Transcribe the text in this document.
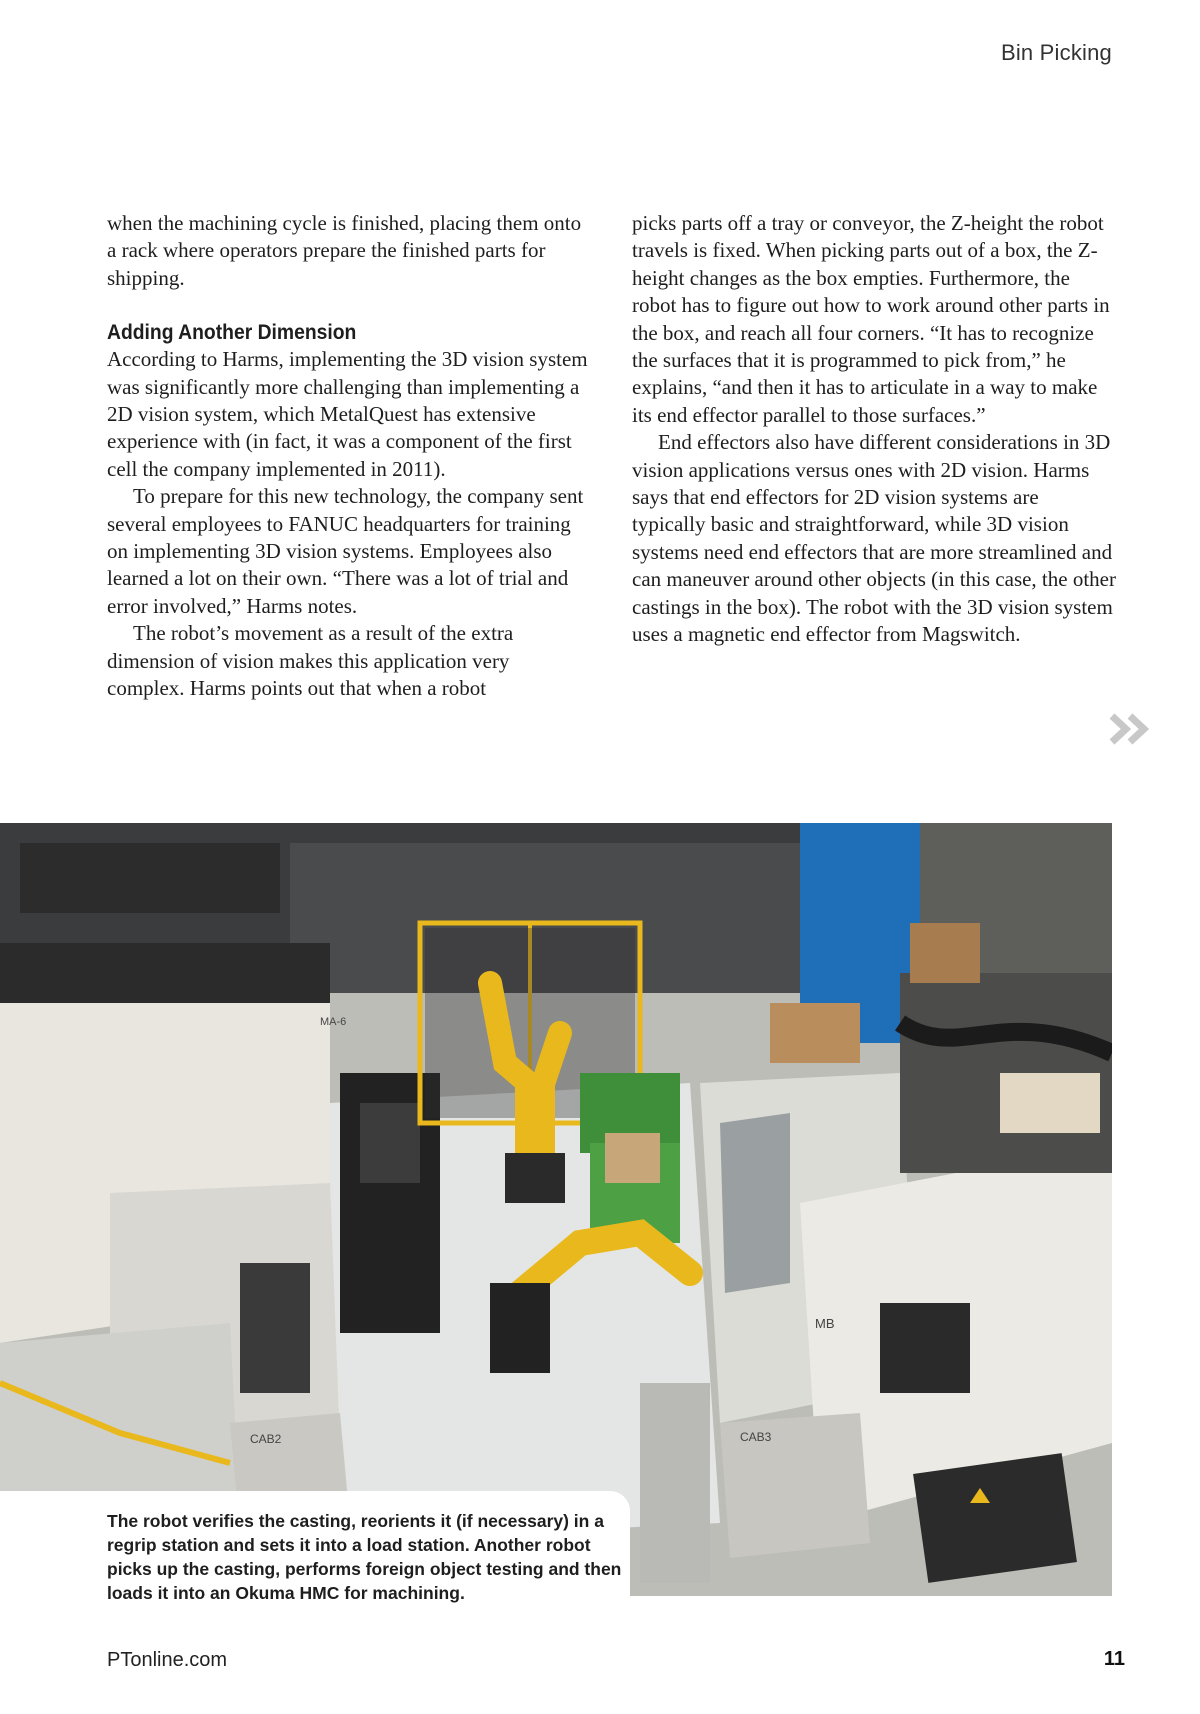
Bin Picking

when the machining cycle is finished, placing them onto a rack where operators prepare the finished parts for shipping.

Adding Another Dimension

According to Harms, implementing the 3D vision system was significantly more challenging than implementing a 2D vision system, which MetalQuest has extensive experience with (in fact, it was a component of the first cell the company implemented in 2011).

To prepare for this new technology, the company sent several employees to FANUC headquarters for training on implementing 3D vision systems. Employees also learned a lot on their own. “There was a lot of trial and error involved,” Harms notes.

The robot’s movement as a result of the extra dimension of vision makes this application very complex. Harms points out that when a robot

picks parts off a tray or conveyor, the Z-height the robot travels is fixed. When picking parts out of a box, the Z-height changes as the box empties. Furthermore, the robot has to figure out how to work around other parts in the box, and reach all four corners. “It has to recognize the surfaces that it is programmed to pick from,” he explains, “and then it has to articulate in a way to make its end effector parallel to those surfaces.”

End effectors also have different considerations in 3D vision applications versus ones with 2D vision. Harms says that end effectors for 2D vision systems are typically basic and straightforward, while 3D vision systems need end effectors that are more streamlined and can maneuver around other objects (in this case, the other castings in the box). The robot with the 3D vision system uses a magnetic end effector from Magswitch.

MA-6
MB
CAB2	CAB3
The robot verifies the casting, reorients it (if necessary) in a regrip station and sets it into a load station. Another robot picks up the casting, performs foreign object testing and then loads it into an Okuma HMC for machining.
PTonline.com	11
